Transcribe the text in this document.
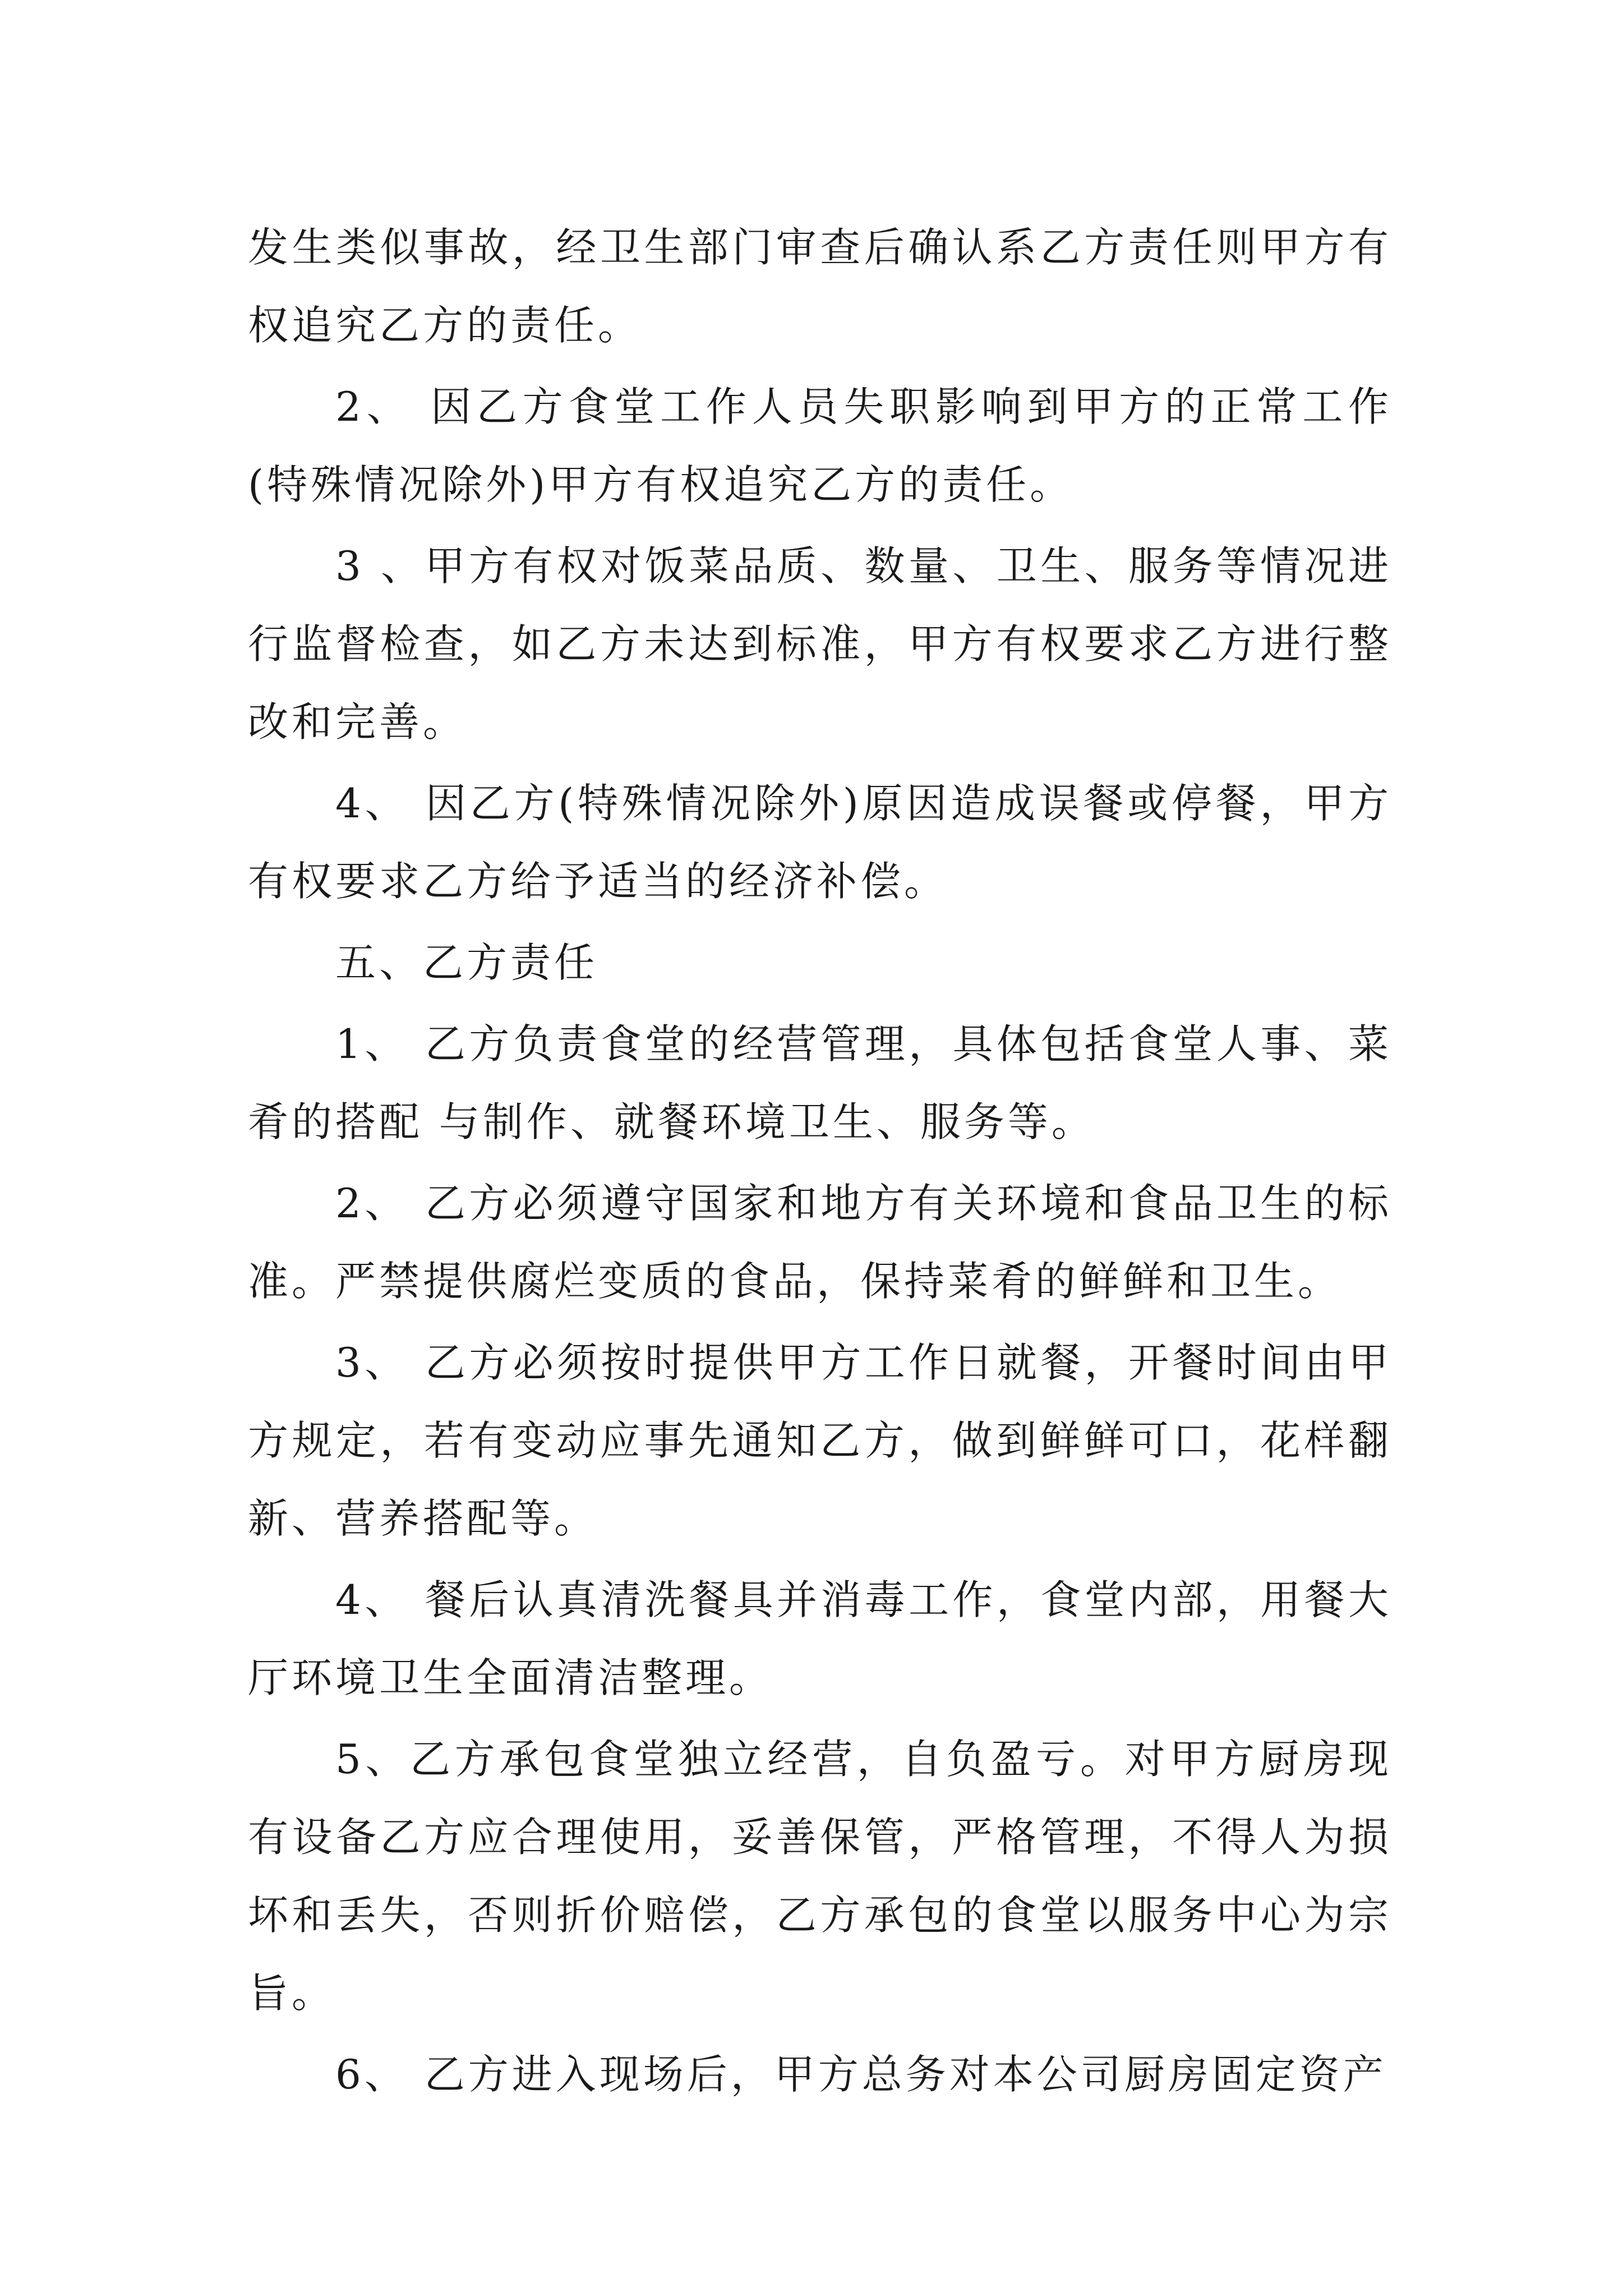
发生类似事故，经卫生部门审查后确认系乙方责任则甲方有权追究乙方的责任。

2、 因乙方食堂工作人员失职影响到甲方的正常工作(特殊情况除外)甲方有权追究乙方的责任。

3 、甲方有权对饭菜品质、数量、卫生、服务等情况进行监督检查，如乙方未达到标准，甲方有权要求乙方进行整改和完善。

4、 因乙方(特殊情况除外)原因造成误餐或停餐，甲方有权要求乙方给予适当的经济补偿。

五、乙方责任

1、 乙方负责食堂的经营管理，具体包括食堂人事、菜肴的搭配 与制作、就餐环境卫生、服务等。

2、 乙方必须遵守国家和地方有关环境和食品卫生的标准。严禁提供腐烂变质的食品，保持菜肴的鲜鲜和卫生。

3、 乙方必须按时提供甲方工作日就餐，开餐时间由甲方规定，若有变动应事先通知乙方，做到鲜鲜可口，花样翻新、营养搭配等。

4、 餐后认真清洗餐具并消毒工作，食堂内部，用餐大厅环境卫生全面清洁整理。

5、乙方承包食堂独立经营，自负盈亏。对甲方厨房现有设备乙方应合理使用，妥善保管，严格管理，不得人为损坏和丢失，否则折价赔偿，乙方承包的食堂以服务中心为宗旨。

6、 乙方进入现场后，甲方总务对本公司厨房固定资产
